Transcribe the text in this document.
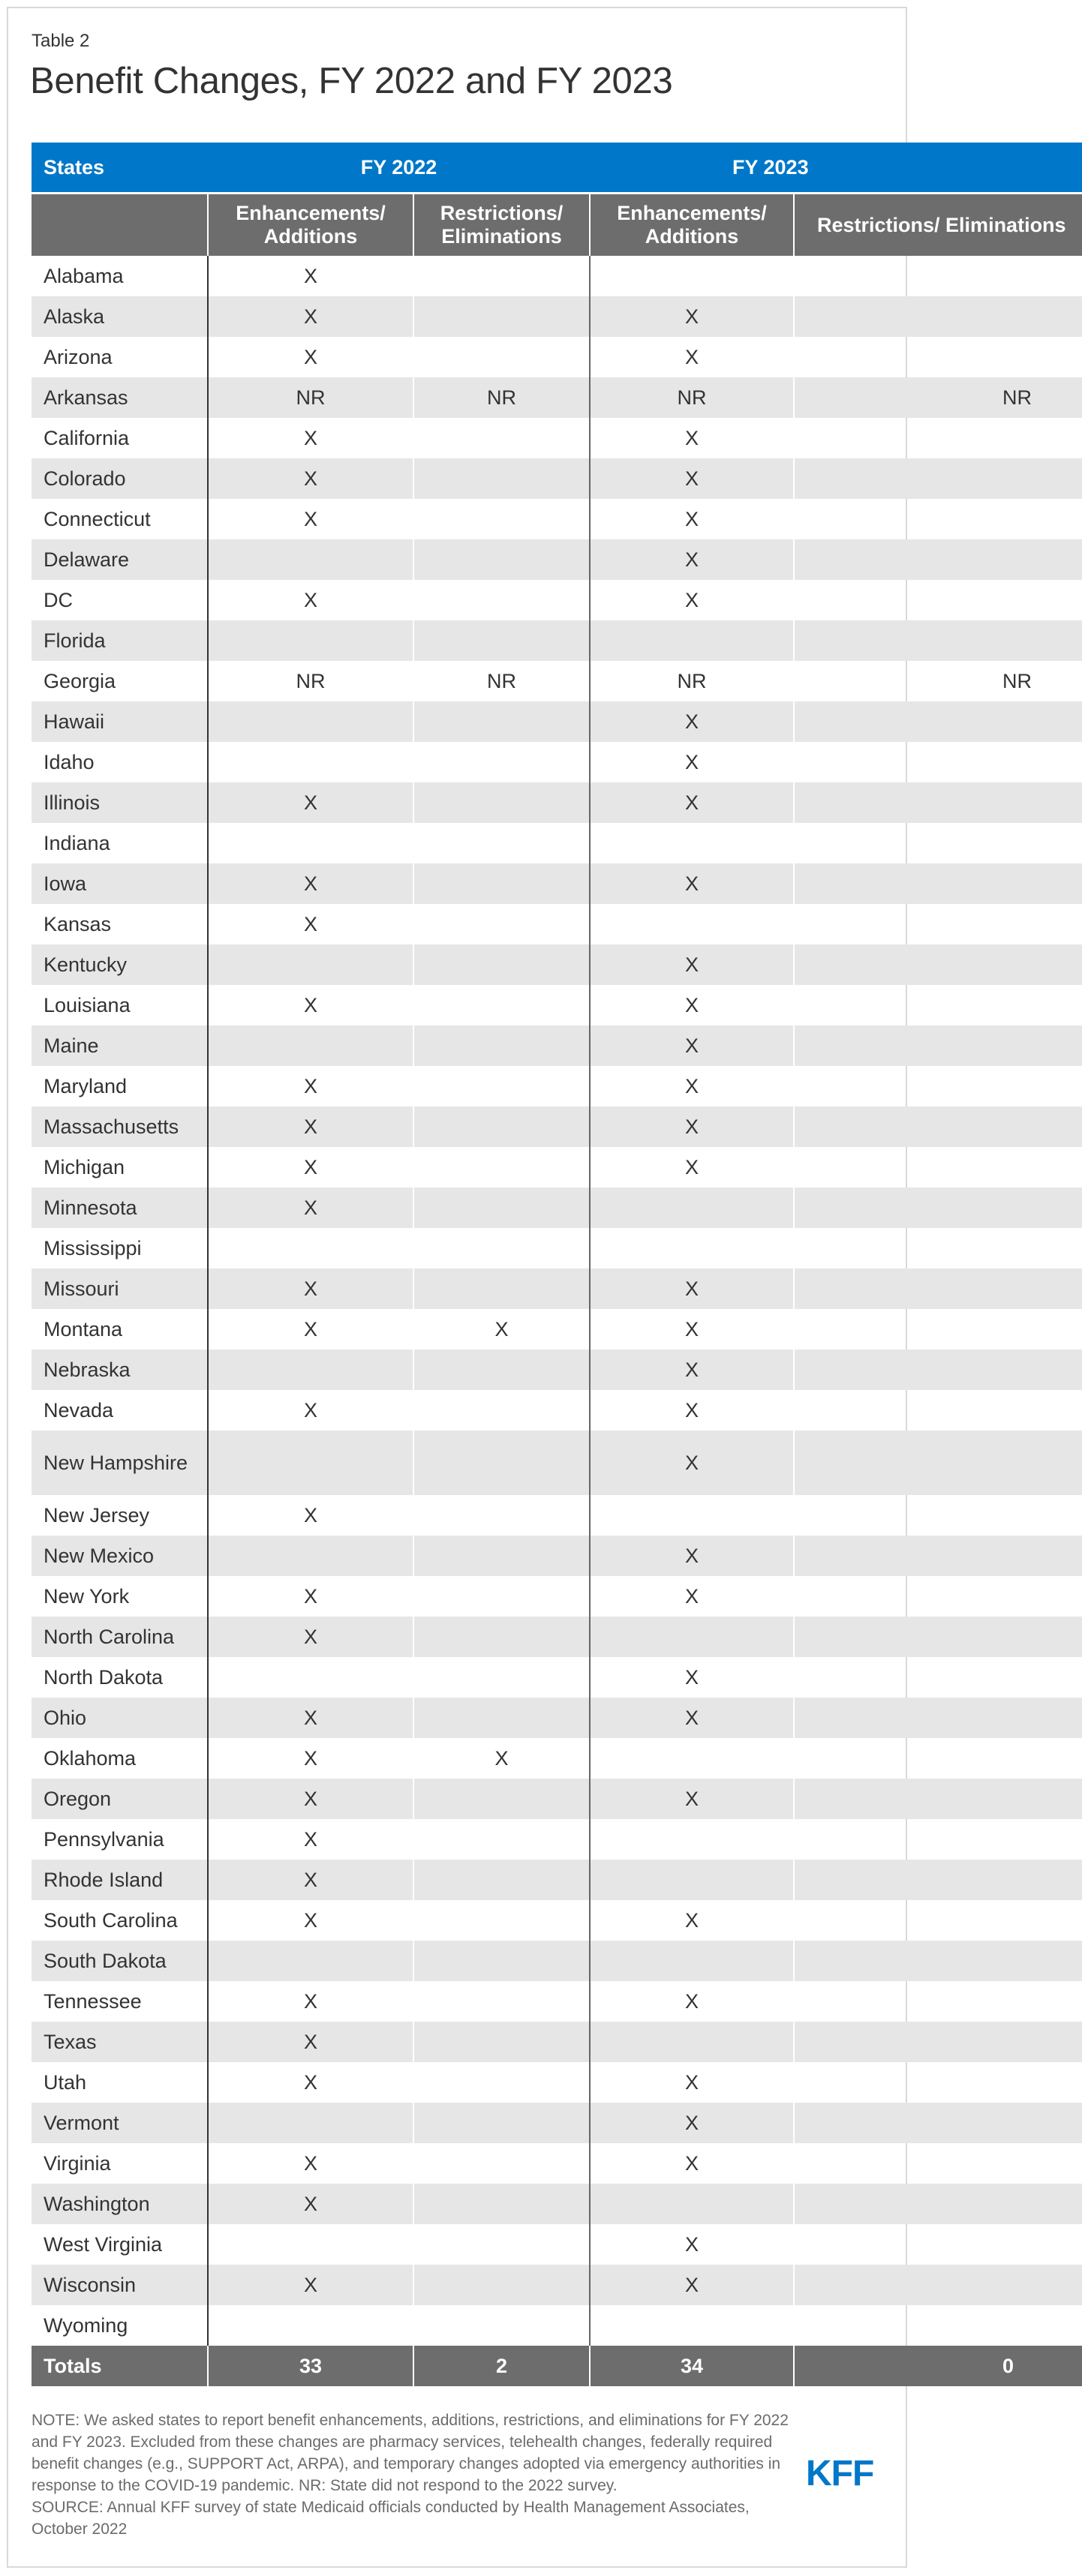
Table 2
Benefit Changes, FY 2022 and FY 2023
States	FY 2022		FY 2023	

	Enhancements/ Additions	Restrictions/ Eliminations	Enhancements/ Additions	Restrictions/ Eliminations
Alabama	X			
Alaska	X		X	
Arizona	X		X	
Arkansas	NR	NR	NR	NR
California	X		X	
Colorado	X		X	
Connecticut	X		X	
Delaware			X	
DC	X		X	
Florida				
Georgia	NR	NR	NR	NR
Hawaii			X	
Idaho			X	
Illinois	X		X	
Indiana				
Iowa	X		X	
Kansas	X			
Kentucky			X	
Louisiana	X		X	
Maine			X	
Maryland	X		X	
Massachusetts	X		X	
Michigan	X		X	
Minnesota	X			
Mississippi				
Missouri	X		X	
Montana	X	X	X	
Nebraska			X	
Nevada	X		X	
New Hampshire			X	
New Jersey	X			
New Mexico			X	
New York	X		X	
North Carolina	X			
North Dakota			X	
Ohio	X		X	
Oklahoma	X	X		
Oregon	X		X	
Pennsylvania	X			
Rhode Island	X			
South Carolina	X		X	
South Dakota				
Tennessee	X		X	
Texas	X			
Utah	X		X	
Vermont			X	
Virginia	X		X	
Washington	X			
West Virginia			X	
Wisconsin	X		X	
Wyoming				
Totals	33	2	34	0

NOTE: We asked states to report benefit enhancements, additions, restrictions, and eliminations for FY 2022 and FY 2023. Excluded from these changes are pharmacy services, telehealth changes, federally required benefit changes (e.g., SUPPORT Act, ARPA), and temporary changes adopted via emergency authorities in response to the COVID-19 pandemic. NR: State did not respond to the 2022 survey.

SOURCE: Annual KFF survey of state Medicaid officials conducted by Health Management Associates, October 2022

KFF
